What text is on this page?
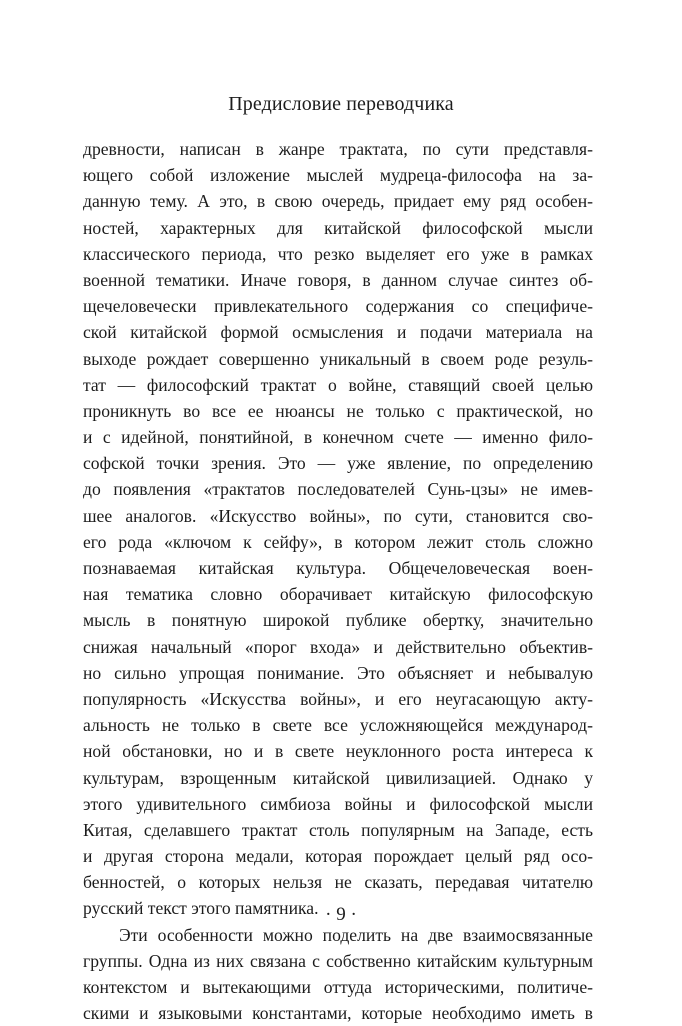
Предисловие переводчика
древности, написан в жанре трактата, по сути представля-
ющего собой изложение мыслей мудреца-философа на за-
данную тему. А это, в свою очередь, придает ему ряд особен-
ностей, характерных для китайской философской мысли
классического периода, что резко выделяет его уже в рамках
военной тематики. Иначе говоря, в данном случае синтез об-
щечеловечески привлекательного содержания со специфиче-
ской китайской формой осмысления и подачи материала на
выходе рождает совершенно уникальный в своем роде резуль-
тат — философский трактат о войне, ставящий своей целью
проникнуть во все ее нюансы не только с практической, но
и с идейной, понятийной, в конечном счете — именно фило-
софской точки зрения. Это — уже явление, по определению
до появления «трактатов последователей Сунь-цзы» не имев-
шее аналогов. «Искусство войны», по сути, становится сво-
его рода «ключом к сейфу», в котором лежит столь сложно
познаваемая китайская культура. Общечеловеческая воен-
ная тематика словно оборачивает китайскую философскую
мысль в понятную широкой публике обертку, значительно
снижая начальный «порог входа» и действительно объектив-
но сильно упрощая понимание. Это объясняет и небывалую
популярность «Искусства войны», и его неугасающую акту-
альность не только в свете все усложняющейся международ-
ной обстановки, но и в свете неуклонного роста интереса к
культурам, взрощенным китайской цивилизацией. Однако у
этого удивительного симбиоза войны и философской мысли
Китая, сделавшего трактат столь популярным на Западе, есть
и другая сторона медали, которая порождает целый ряд осо-
бенностей, о которых нельзя не сказать, передавая читателю
русский текст этого памятника.
Эти особенности можно поделить на две взаимосвязанные
группы. Одна из них связана с собственно китайским культурным
контекстом и вытекающими оттуда историческими, политиче-
скими и языковыми константами, которые необходимо иметь в
· 9 ·
